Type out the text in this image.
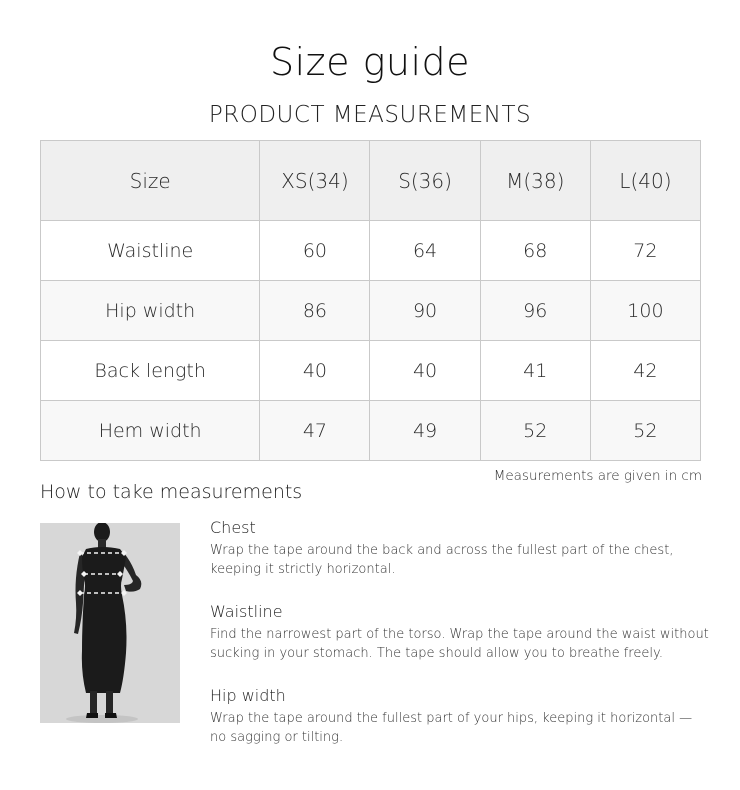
Size guide
PRODUCT MEASUREMENTS
Size	XS(34)	S(36)	M(38)	L(40)
Waistline	60	64	68	72
Hip width	86	90	96	100
Back length	40	40	41	42
Hem width	47	49	52	52
Measurements are given in cm
How to take measurements
Chest

Wrap the tape around the back and across the fullest part of the chest, keeping it strictly horizontal.

Waistline

Find the narrowest part of the torso. Wrap the tape around the waist without sucking in your stomach. The tape should allow you to breathe freely.

Hip width

Wrap the tape around the fullest part of your hips, keeping it horizontal — no sagging or tilting.
